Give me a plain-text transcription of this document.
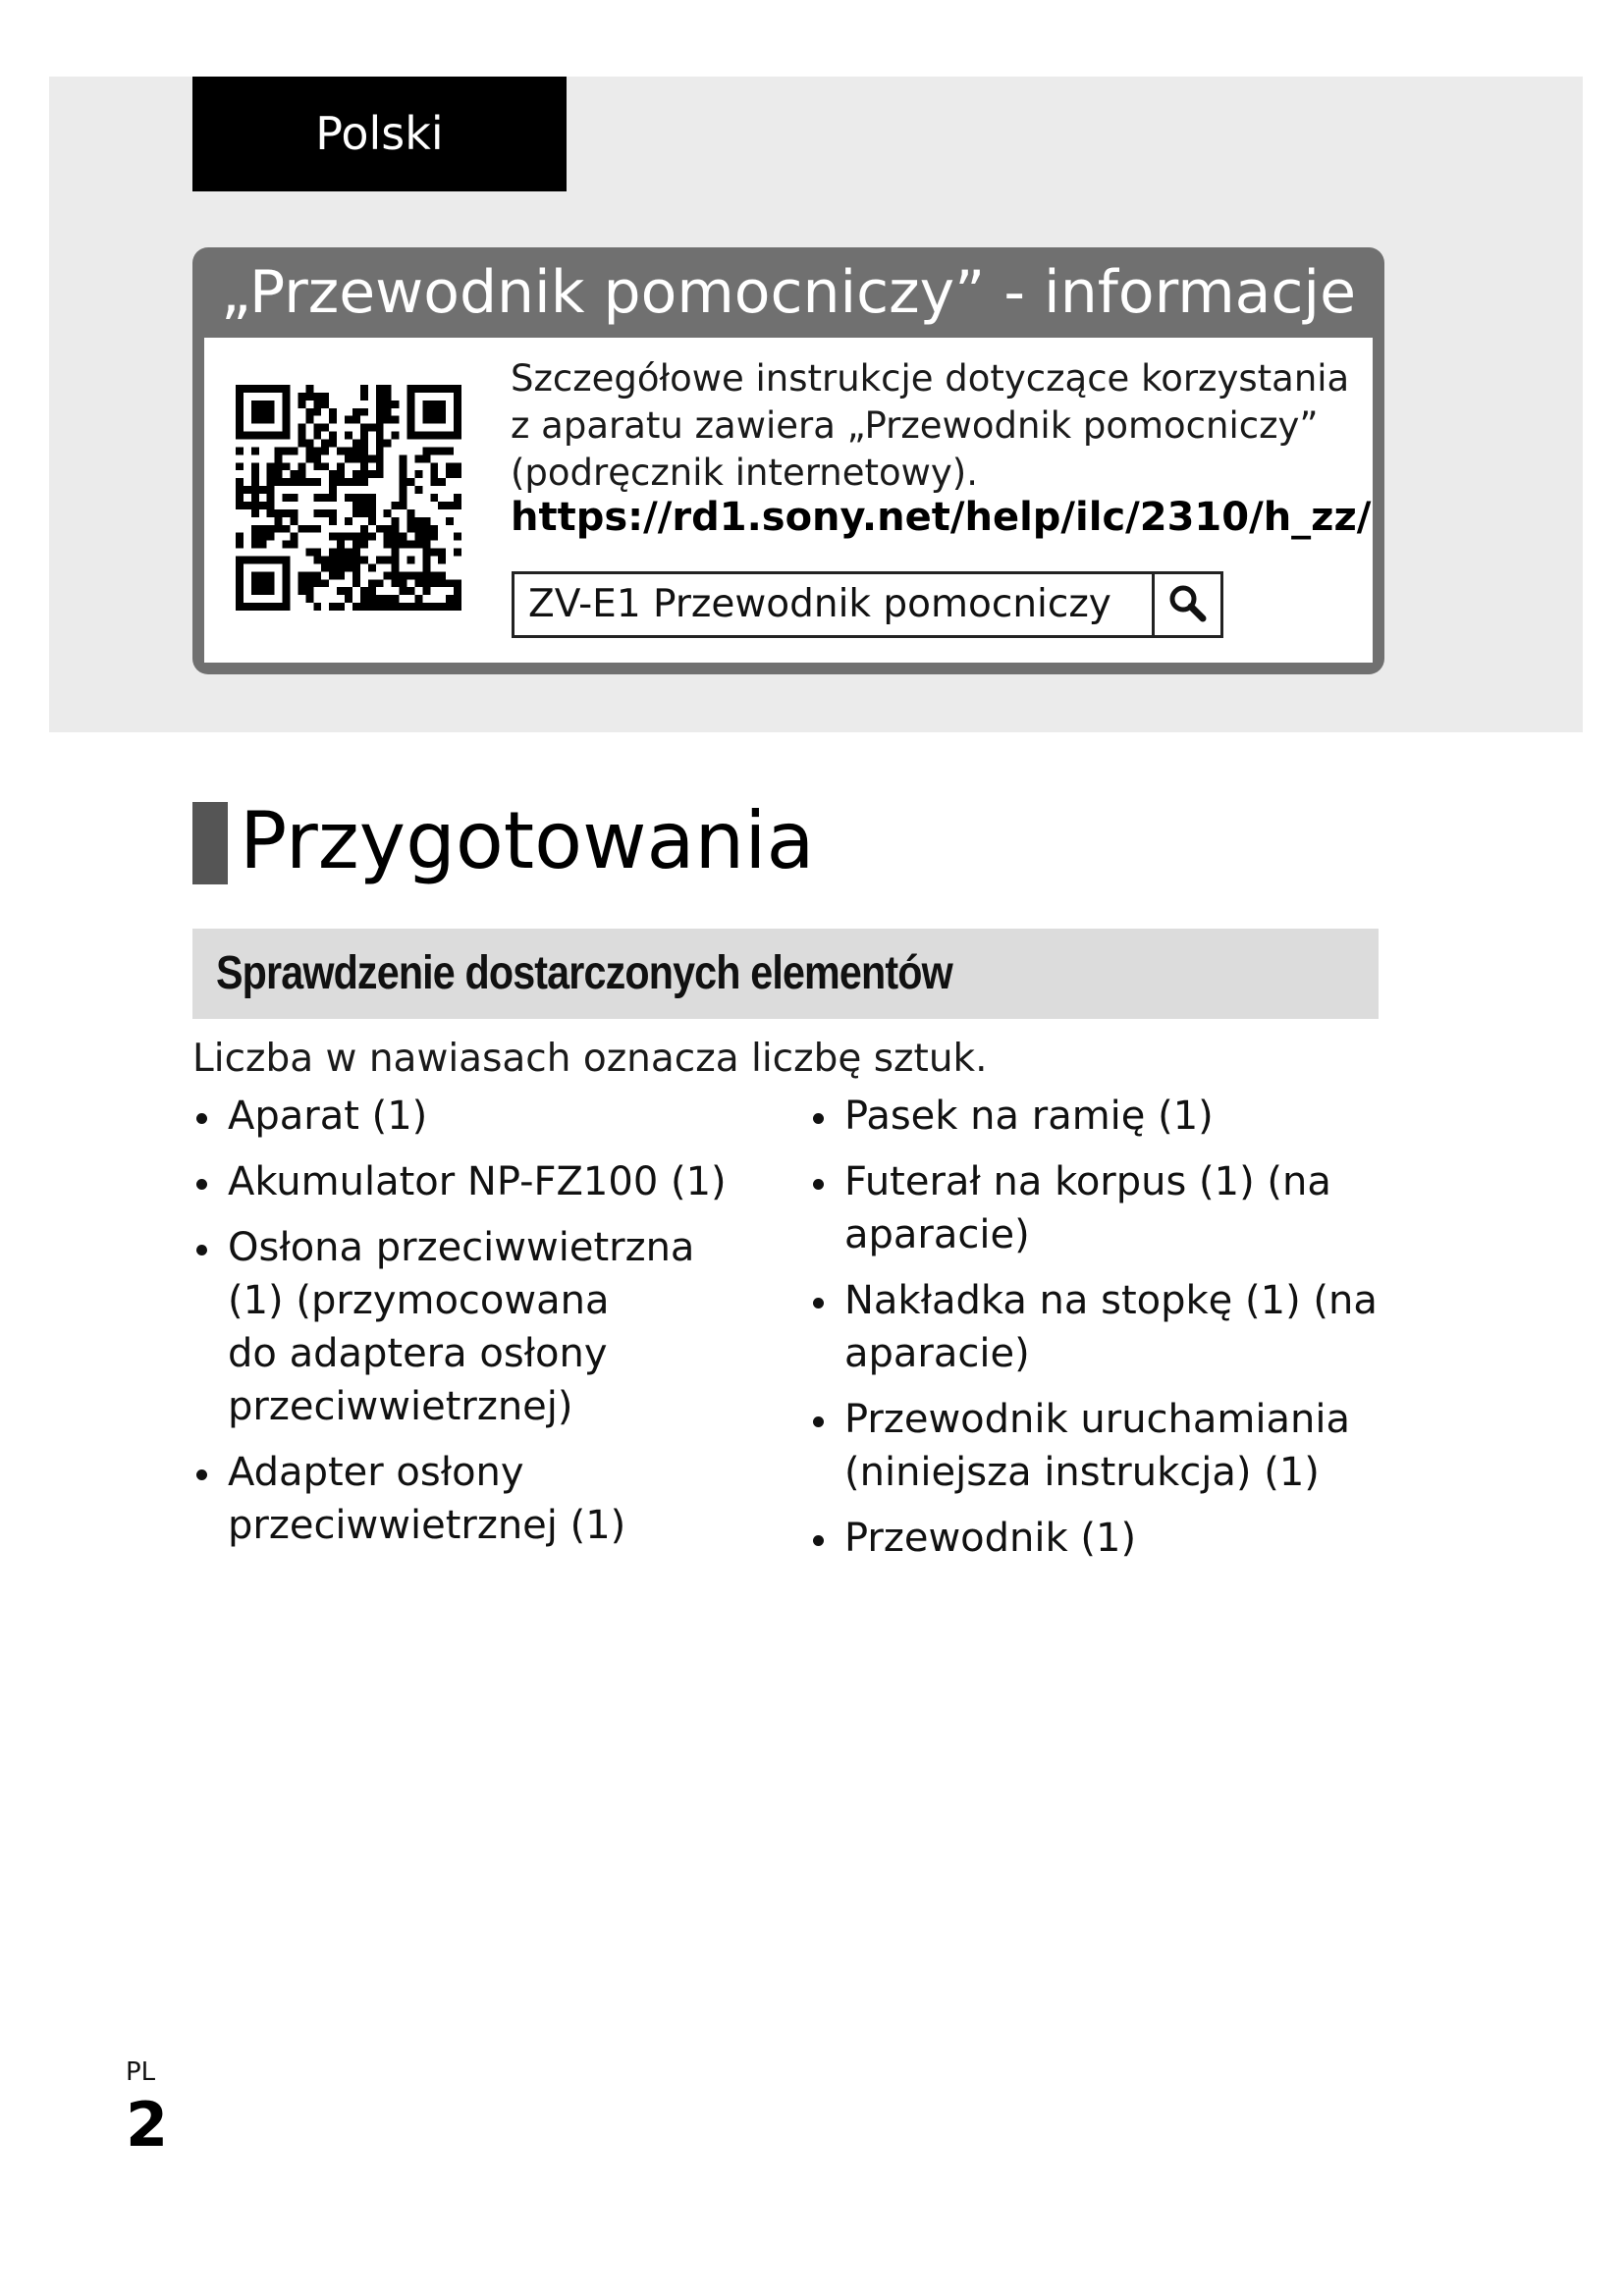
Polski
„Przewodnik pomocniczy” - informacje
Szczegółowe instrukcje dotyczące korzystania
z aparatu zawiera „Przewodnik pomocniczy”
(podręcznik internetowy).
https://rd1.sony.net/help/ilc/2310/h_zz/
ZV-E1 Przewodnik pomocniczy
Przygotowania
Sprawdzenie dostarczonych elementów
Liczba w nawiasach oznacza liczbę sztuk.
Aparat (1)
Akumulator NP-FZ100 (1)
Osłona przeciwwietrzna
(1) (przymocowana
do adaptera osłony
przeciwwietrznej)
Adapter osłony
przeciwwietrznej (1)
Pasek na ramię (1)
Futerał na korpus (1) (na
aparacie)
Nakładka na stopkę (1) (na
aparacie)
Przewodnik uruchamiania
(niniejsza instrukcja) (1)
Przewodnik (1)
PL
2
